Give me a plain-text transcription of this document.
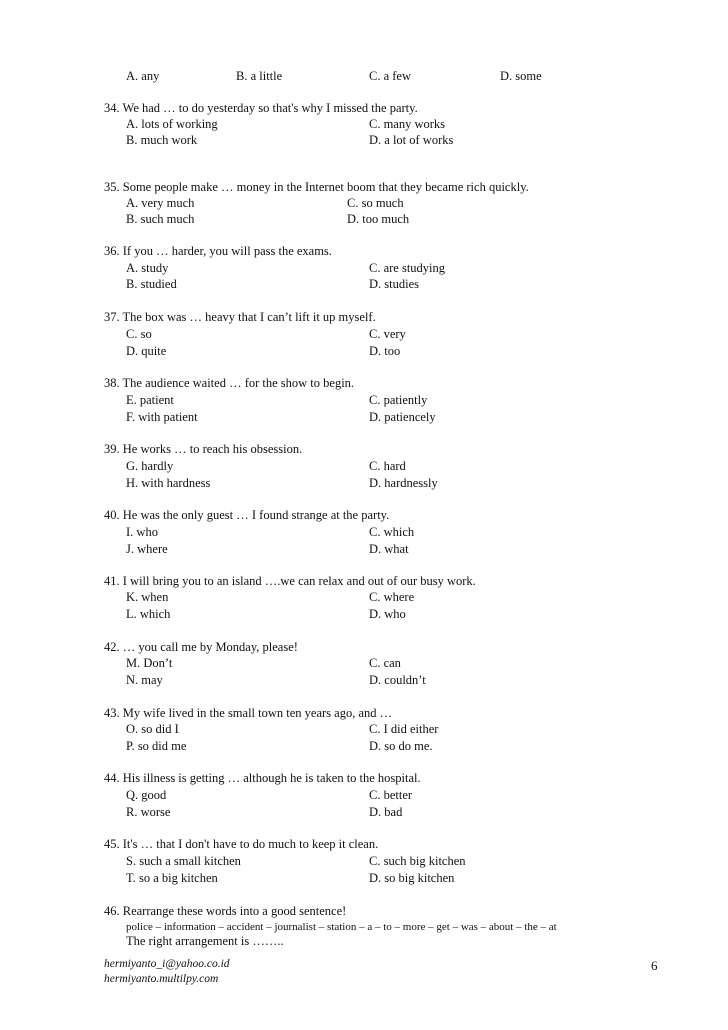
A. any	B. a little	C. a few	D. some
34. We had … to do yesterday so that's why I missed the party.
A. lots of working	C. many works
B. much work	D. a lot of works
35. Some people make … money in the Internet boom that they became rich quickly.
A. very much	C. so much
B. such much	D. too much
36. If you … harder, you will pass the exams.
A. study	C. are studying
B. studied	D. studies
37. The box was … heavy that I can’t lift it up myself.
C. so	C. very
D. quite	D. too
38. The audience waited … for the show to begin.
E. patient	C. patiently
F. with patient	D. patiencely
39. He works … to reach his obsession.
G. hardly	C. hard
H. with hardness	D. hardnessly
40. He was the only guest … I found strange at the party.
I. who	C. which
J. where	D. what
41. I will bring you to an island ….we can relax and out of our busy work.
K. when	C. where
L. which	D. who
42. … you call me by Monday, please!
M. Don’t	C. can
N. may	D. couldn’t
43. My wife lived in the small town ten years ago, and …
O. so did I	C. I did either
P. so did me	D. so do me.
44. His illness is getting … although he is taken to the hospital.
Q. good	C. better
R. worse	D. bad
45. It's … that I don't have to do much to keep it clean.
S. such a small kitchen	C. such big kitchen
T. so a big kitchen	D. so big kitchen
46. Rearrange these words into a good sentence!
police – information – accident – journalist – station – a – to – more – get – was – about – the – at
The right arrangement is ……..
hermiyanto_i@yahoo.co.id
hermiyanto.multilpy.com
6
